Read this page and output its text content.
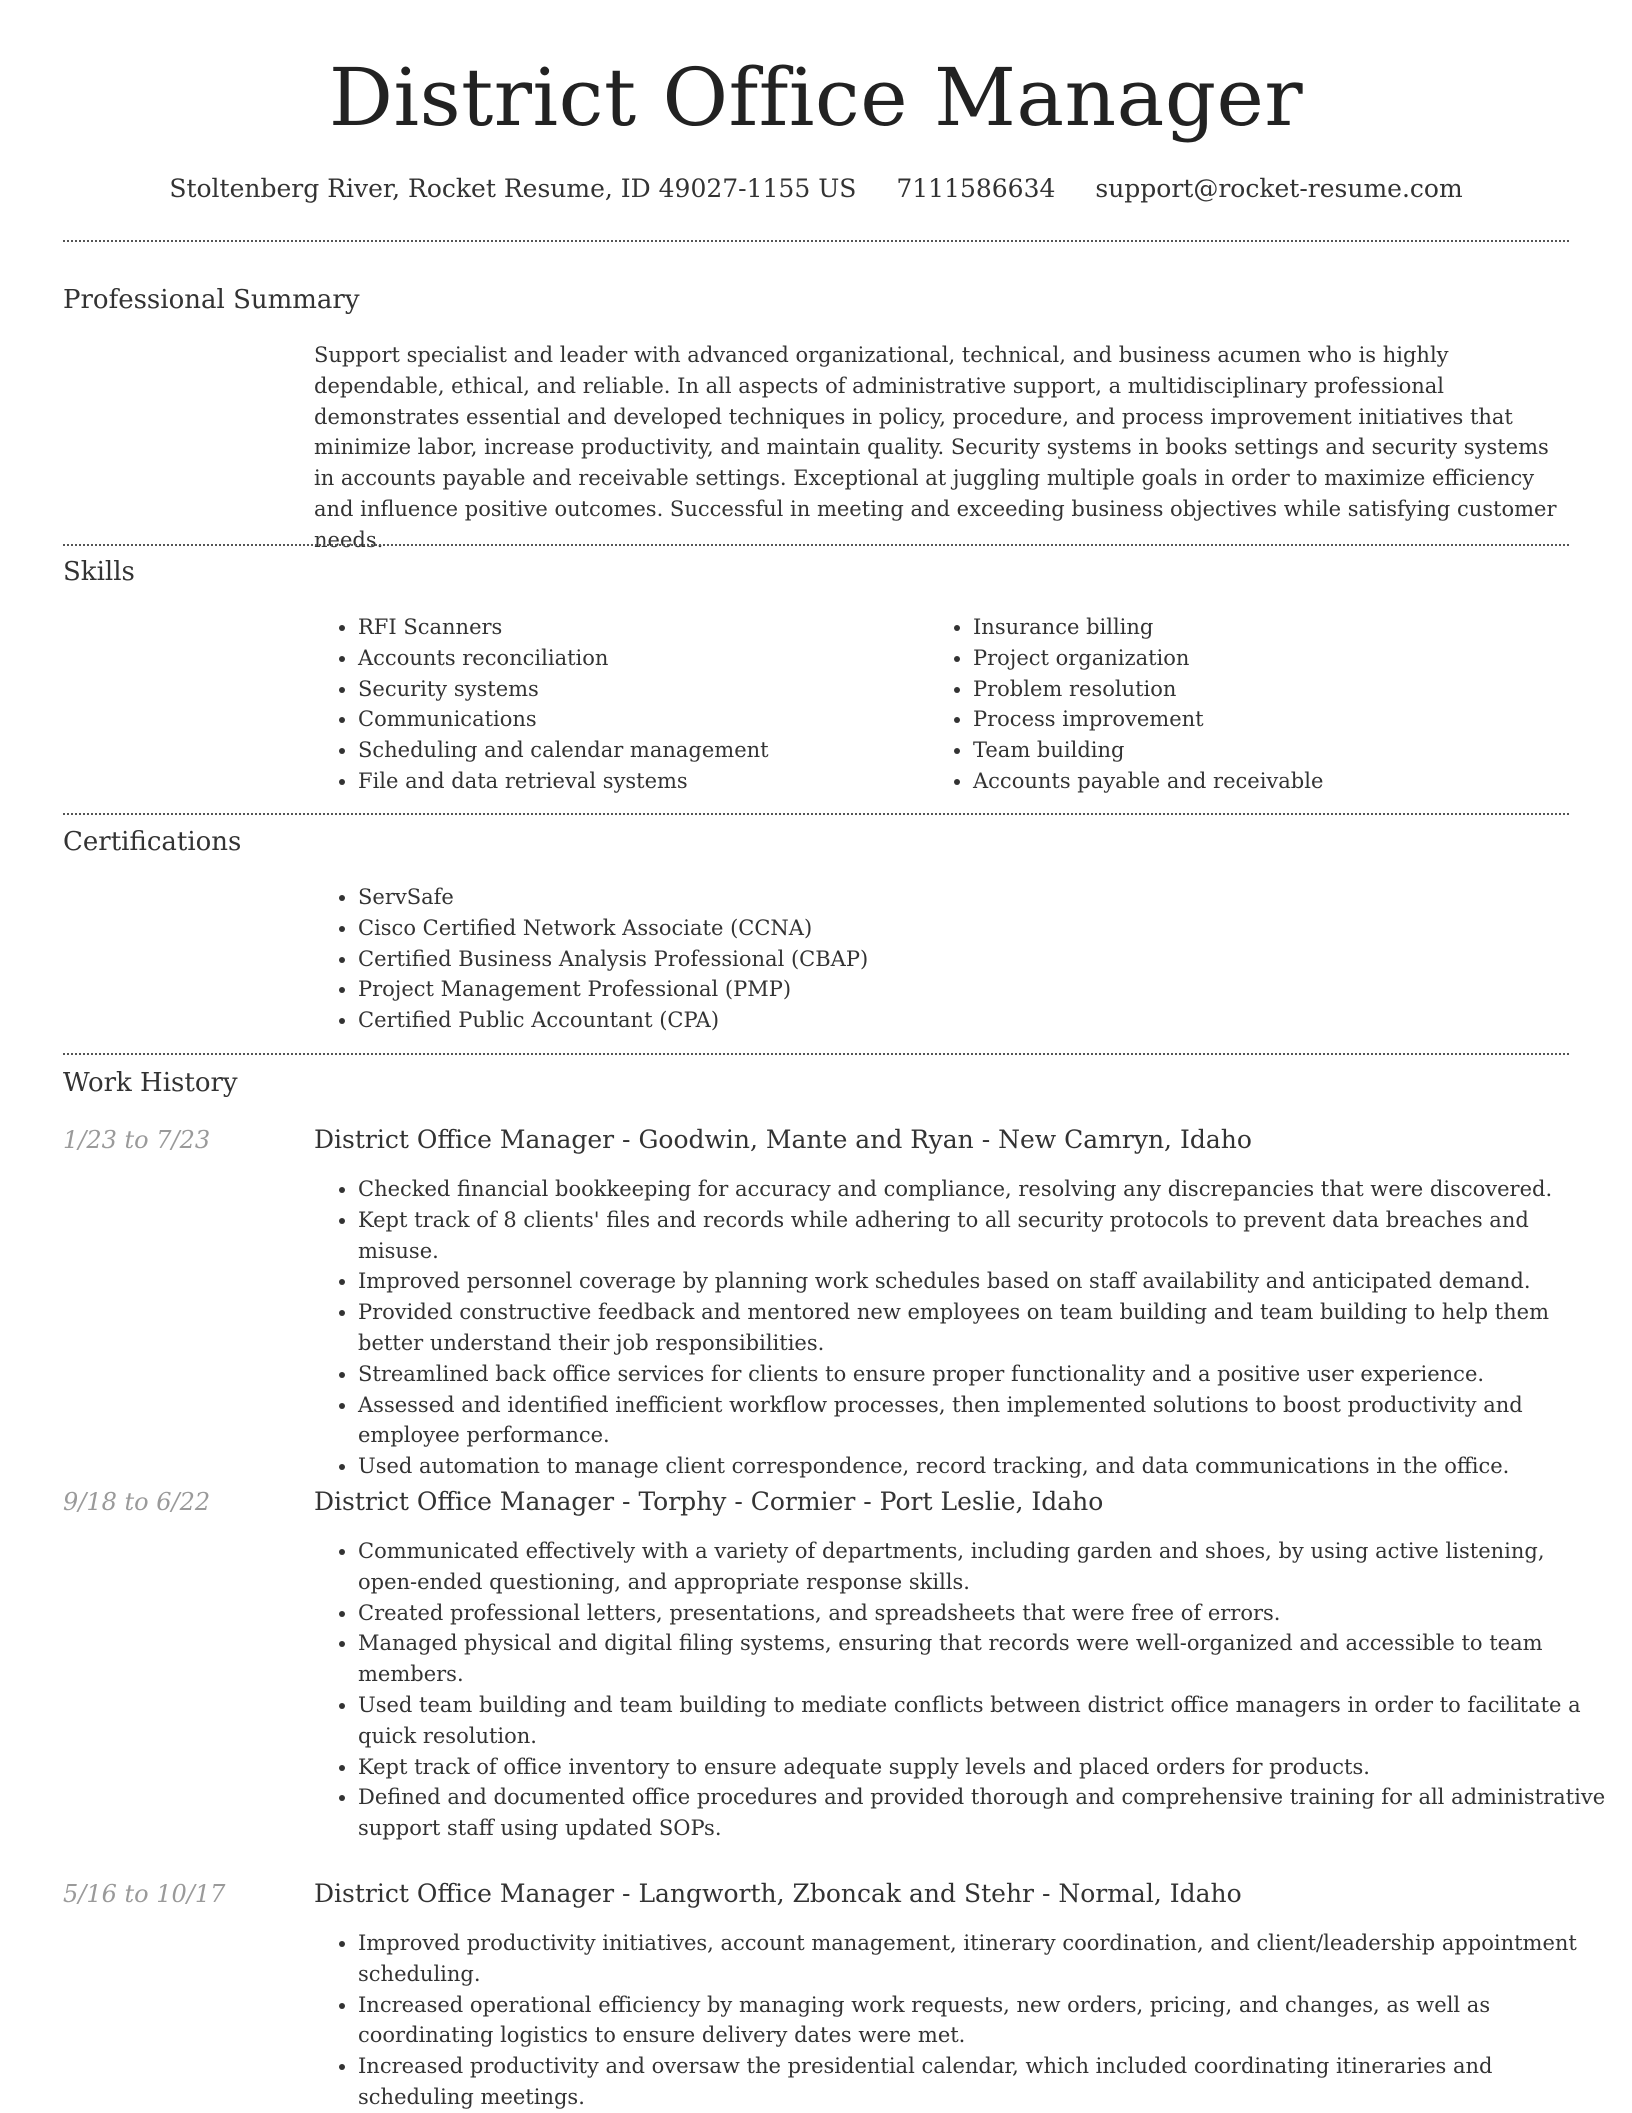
District Office Manager
Stoltenberg River, Rocket Resume, ID 49027-1155 US 7111586634 support@rocket-resume.com
Professional Summary

Support specialist and leader with advanced organizational, technical, and business acumen who is highly dependable, ethical, and reliable. In all aspects of administrative support, a multidisciplinary professional demonstrates essential and developed techniques in policy, procedure, and process improvement initiatives that minimize labor, increase productivity, and maintain quality. Security systems in books settings and security systems in accounts payable and receivable settings. Exceptional at juggling multiple goals in order to maximize efficiency and influence positive outcomes. Successful in meeting and exceeding business objectives while satisfying customer needs.

Skills
• RFI Scanners
• Accounts reconciliation
• Security systems
• Communications
• Scheduling and calendar management
• File and data retrieval systems
• Insurance billing
• Project organization
• Problem resolution
• Process improvement
• Team building
• Accounts payable and receivable
Certifications
• ServSafe
• Cisco Certified Network Associate (CCNA)
• Certified Business Analysis Professional (CBAP)
• Project Management Professional (PMP)
• Certified Public Accountant (CPA)
Work History
1/23 to 7/23	District Office Manager - Goodwin, Mante and Ryan - New Camryn, Idaho
• Checked financial bookkeeping for accuracy and compliance, resolving any discrepancies that were discovered.
• Kept track of 8 clients' files and records while adhering to all security protocols to prevent data breaches and misuse.
• Improved personnel coverage by planning work schedules based on staff availability and anticipated demand.
• Provided constructive feedback and mentored new employees on team building and team building to help them better understand their job responsibilities.
• Streamlined back office services for clients to ensure proper functionality and a positive user experience.
• Assessed and identified inefficient workflow processes, then implemented solutions to boost productivity and employee performance.
• Used automation to manage client correspondence, record tracking, and data communications in the office.
9/18 to 6/22	District Office Manager - Torphy - Cormier - Port Leslie, Idaho
• Communicated effectively with a variety of departments, including garden and shoes, by using active listening, open-ended questioning, and appropriate response skills.
• Created professional letters, presentations, and spreadsheets that were free of errors.
• Managed physical and digital filing systems, ensuring that records were well-organized and accessible to team members.
• Used team building and team building to mediate conflicts between district office managers in order to facilitate a quick resolution.
• Kept track of office inventory to ensure adequate supply levels and placed orders for products.
• Defined and documented office procedures and provided thorough and comprehensive training for all administrative support staff using updated SOPs.
5/16 to 10/17	District Office Manager - Langworth, Zboncak and Stehr - Normal, Idaho
• Improved productivity initiatives, account management, itinerary coordination, and client/leadership appointment scheduling.
• Increased operational efficiency by managing work requests, new orders, pricing, and changes, as well as coordinating logistics to ensure delivery dates were met.
• Increased productivity and oversaw the presidential calendar, which included coordinating itineraries and scheduling meetings.
